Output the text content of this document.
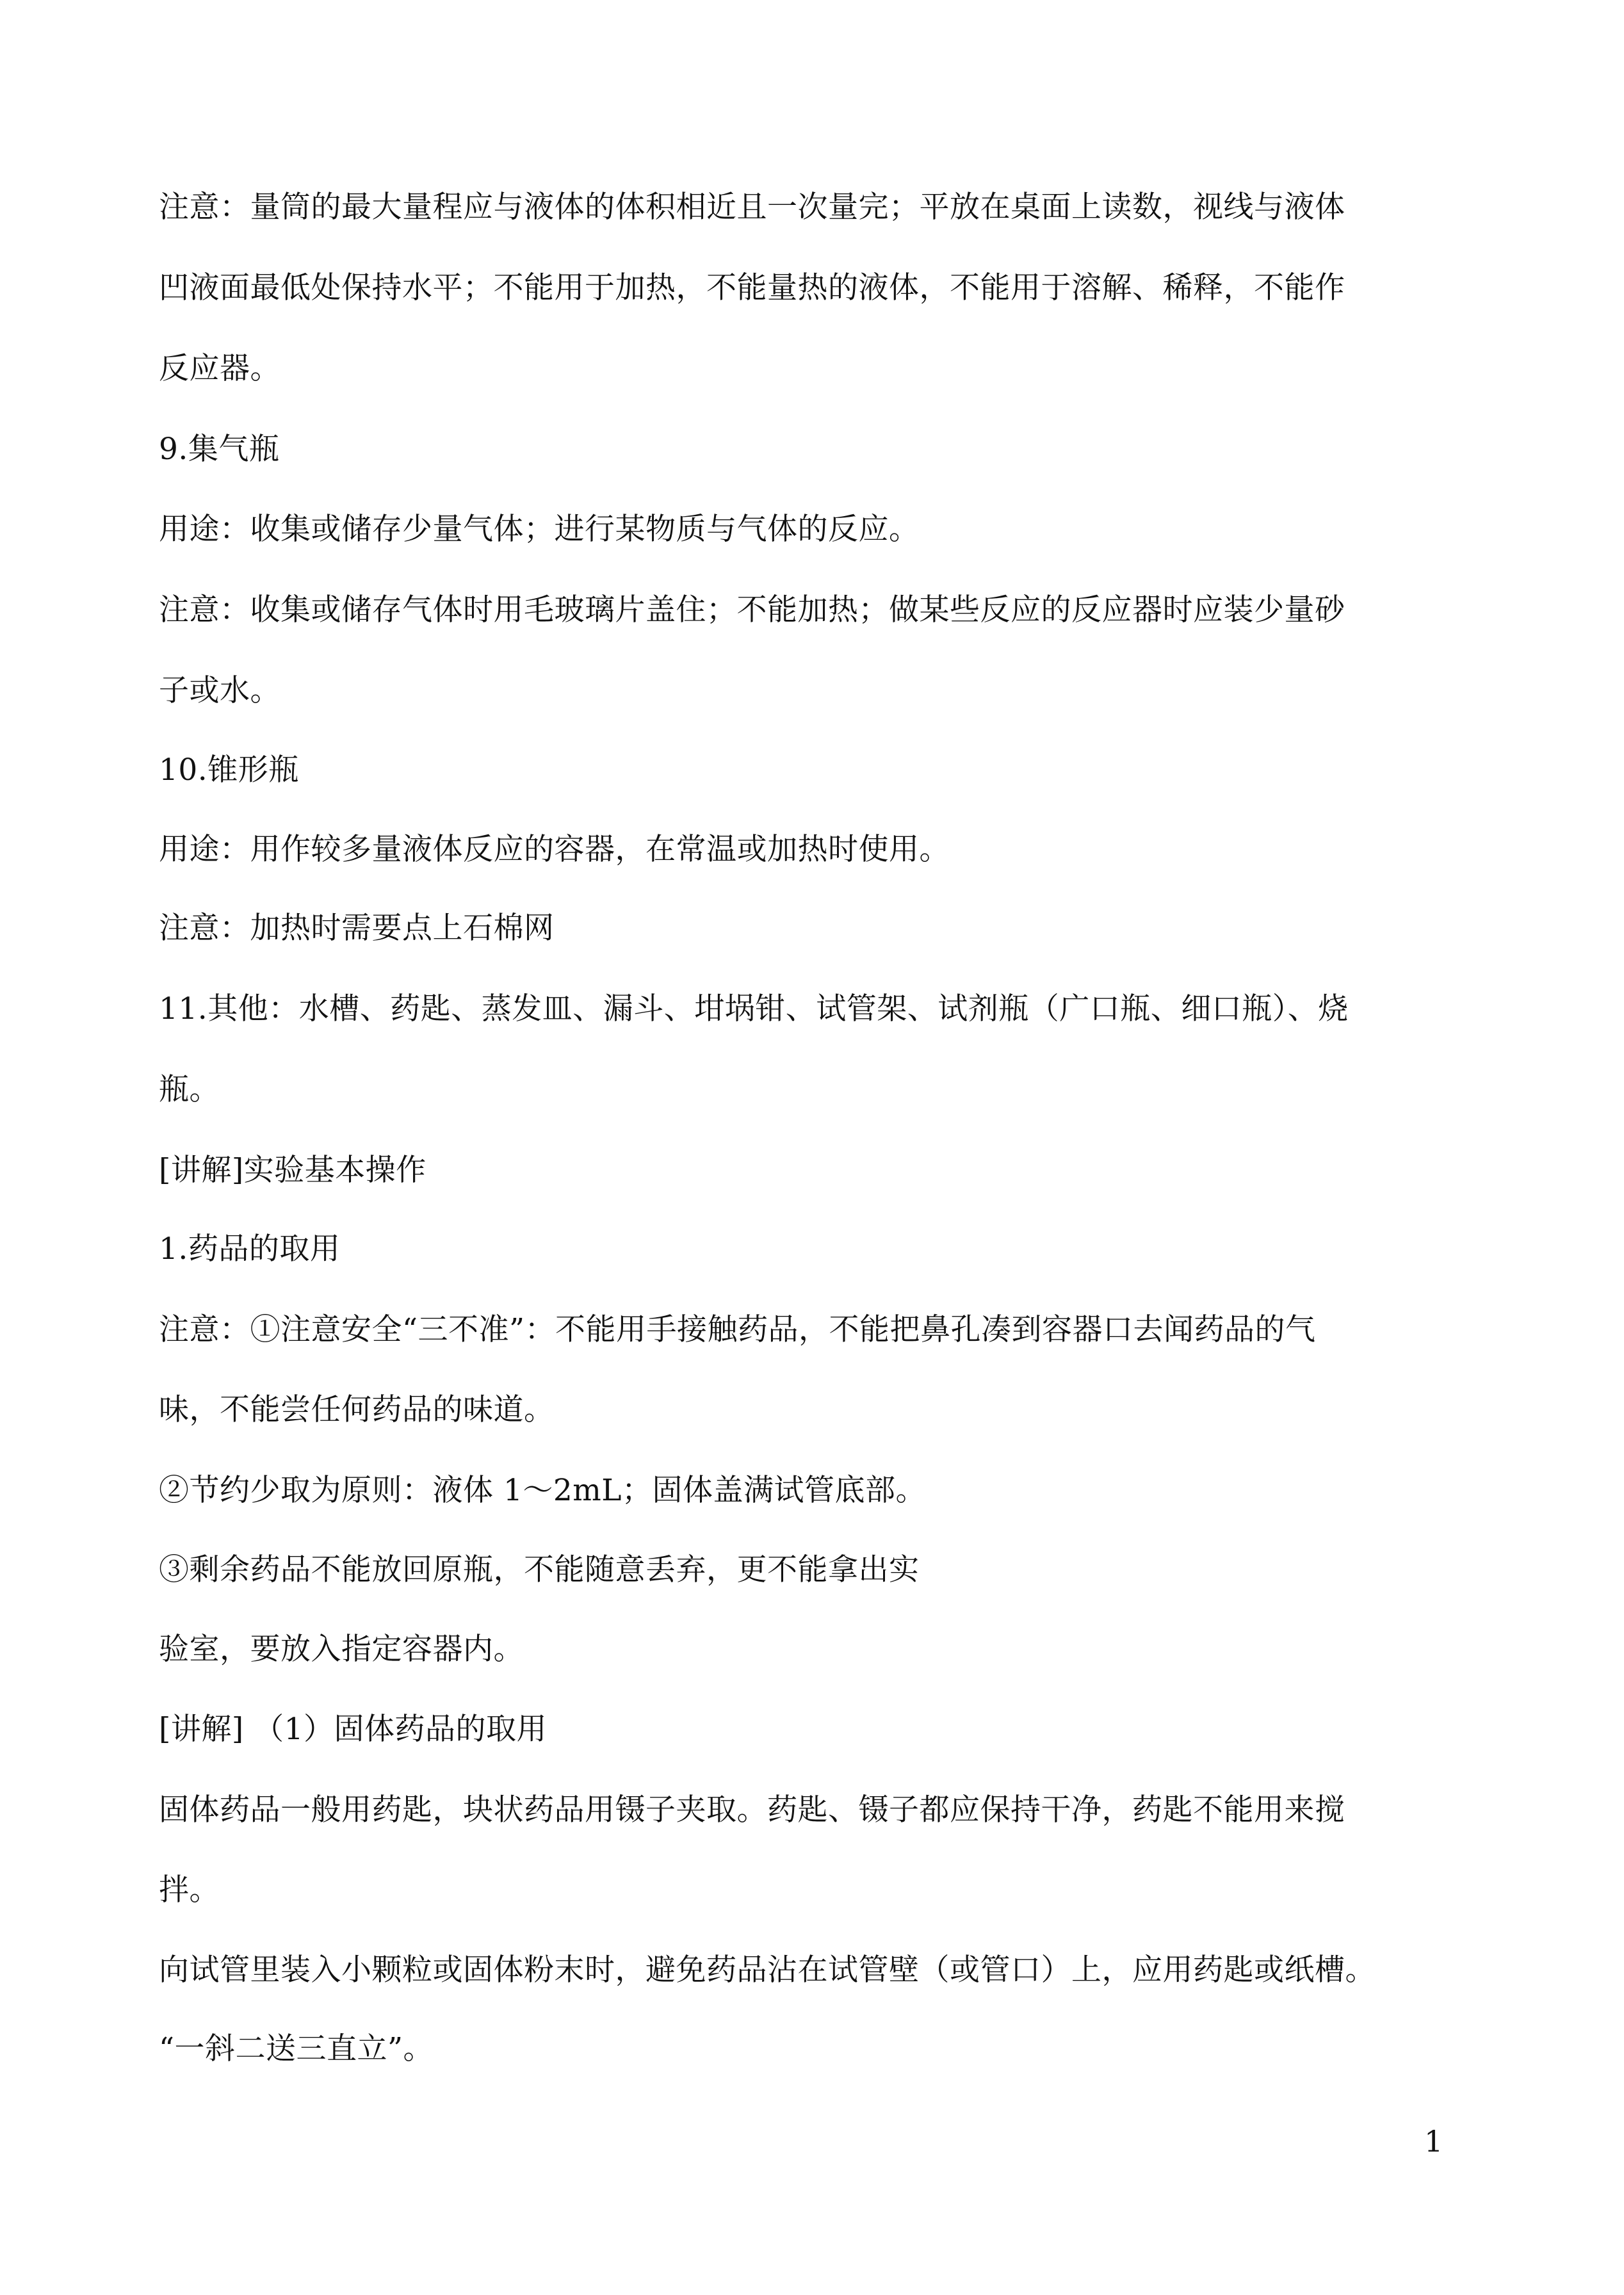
注意：量筒的最大量程应与液体的体积相近且一次量完；平放在桌面上读数，视线与液体
凹液面最低处保持水平；不能用于加热，不能量热的液体，不能用于溶解、稀释，不能作
反应器。
9.集气瓶
用途：收集或储存少量气体；进行某物质与气体的反应。
注意：收集或储存气体时用毛玻璃片盖住；不能加热；做某些反应的反应器时应装少量砂
子或水。
10.锥形瓶
用途：用作较多量液体反应的容器，在常温或加热时使用。
注意：加热时需要点上石棉网
11.其他：水槽、药匙、蒸发皿、漏斗、坩埚钳、试管架、试剂瓶（广口瓶、细口瓶）、烧
瓶。
[讲解]实验基本操作
1.药品的取用
注意：①注意安全“三不准”：不能用手接触药品，不能把鼻孔凑到容器口去闻药品的气
味，不能尝任何药品的味道。
②节约少取为原则：液体 1～2mL；固体盖满试管底部。
③剩余药品不能放回原瓶，不能随意丢弃，更不能拿出实
验室，要放入指定容器内。
[讲解] （1）固体药品的取用
固体药品一般用药匙，块状药品用镊子夹取。药匙、镊子都应保持干净，药匙不能用来搅
拌。
向试管里装入小颗粒或固体粉末时，避免药品沾在试管壁（或管口）上，应用药匙或纸槽。
“一斜二送三直立”。
1
